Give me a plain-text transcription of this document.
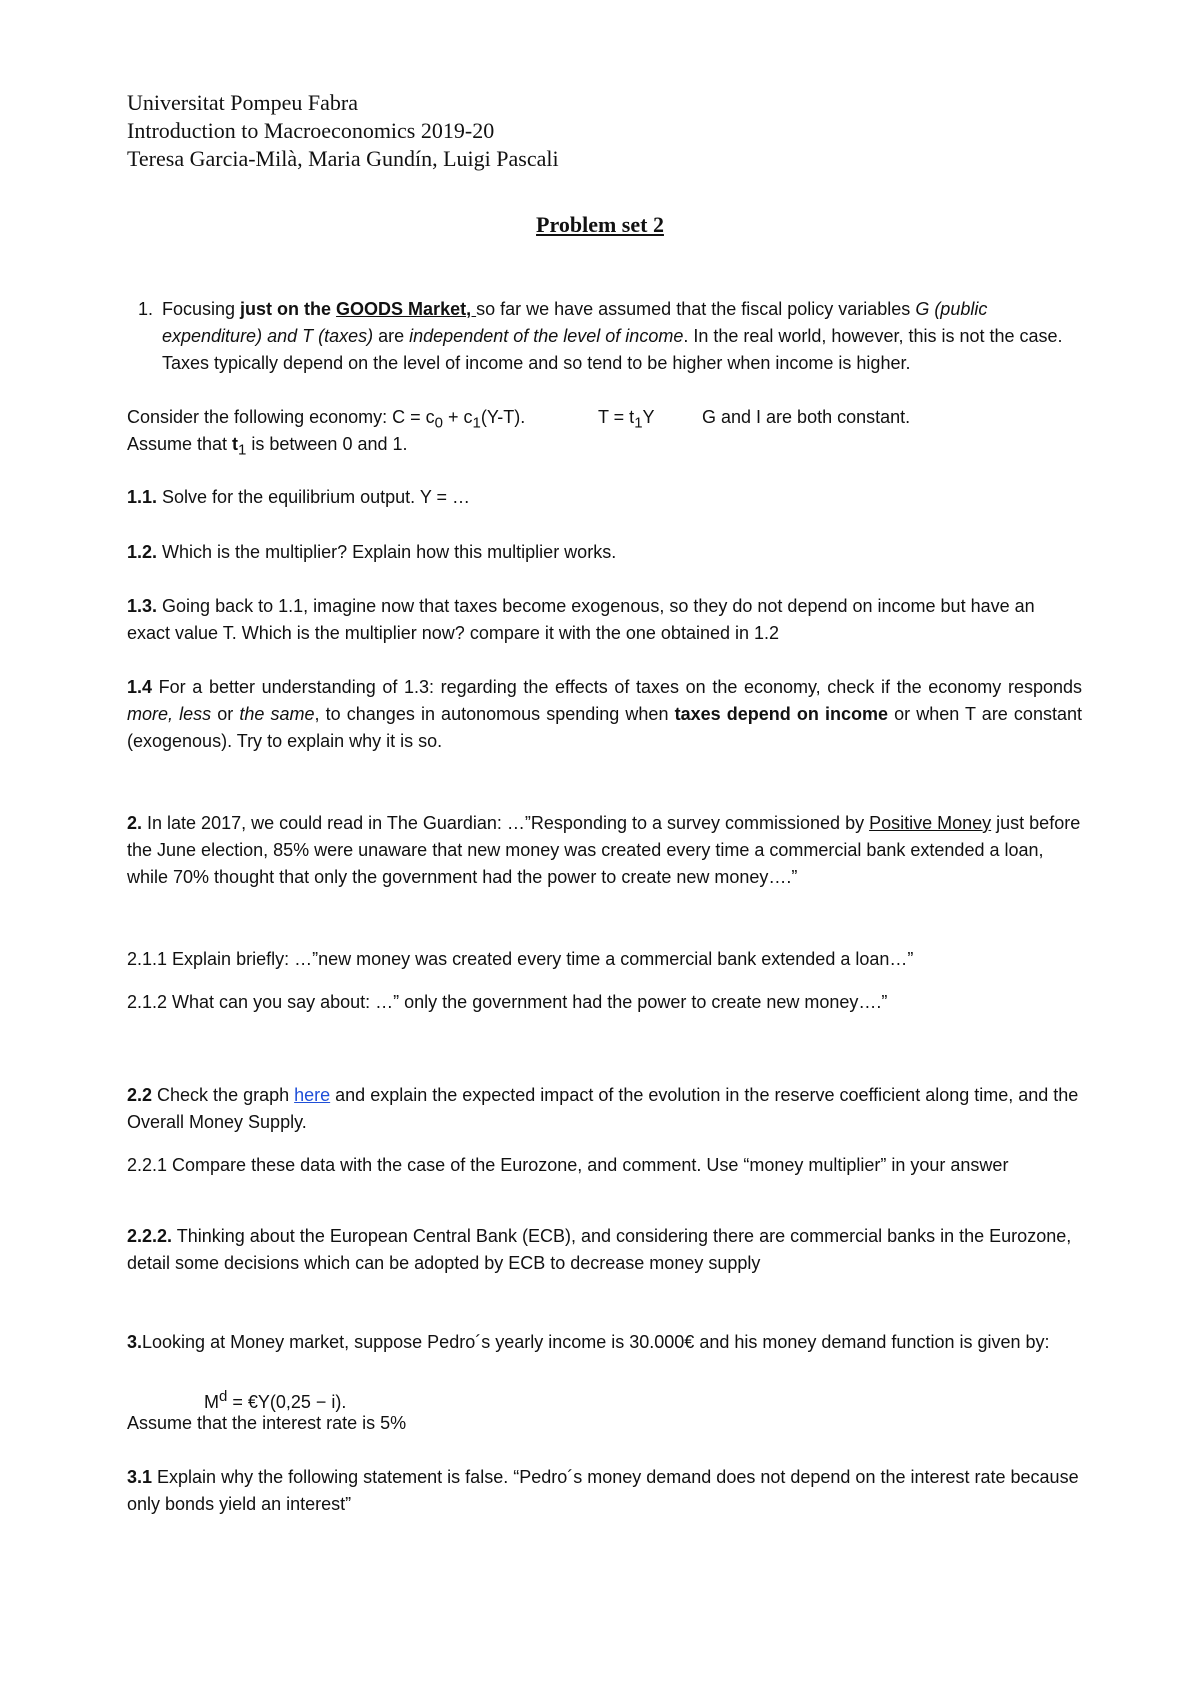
Universitat Pompeu Fabra
Introduction to Macroeconomics 2019-20
Teresa Garcia-Milà, Maria Gundín, Luigi Pascali
Problem set 2
1. Focusing just on the GOODS Market, so far we have assumed that the fiscal policy variables G (public expenditure) and T (taxes) are independent of the level of income. In the real world, however, this is not the case. Taxes typically depend on the level of income and so tend to be higher when income is higher.
Consider the following economy: $C = c_0 + c_1(Y-T)$.	$T = t_1Y$	G and I are both constant.
Assume that $t_1$ is between 0 and 1.
1.1. Solve for the equilibrium output. Y = …
1.2. Which is the multiplier? Explain how this multiplier works.
1.3. Going back to 1.1, imagine now that taxes become exogenous, so they do not depend on income but have an exact value T. Which is the multiplier now? compare it with the one obtained in 1.2
1.4 For a better understanding of 1.3: regarding the effects of taxes on the economy, check if the economy responds more, less or the same, to changes in autonomous spending when taxes depend on income or when T are constant (exogenous). Try to explain why it is so.
2. In late 2017, we could read in The Guardian: …”Responding to a survey commissioned by Positive Money just before the June election, 85% were unaware that new money was created every time a commercial bank extended a loan, while 70% thought that only the government had the power to create new money….”
2.1.1 Explain briefly: …”new money was created every time a commercial bank extended a loan…”
2.1.2 What can you say about: …” only the government had the power to create new money….”
2.2 Check the graph here and explain the expected impact of the evolution in the reserve coefficient along time, and the Overall Money Supply.
2.2.1 Compare these data with the case of the Eurozone, and comment. Use “money multiplier” in your answer
2.2.2. Thinking about the European Central Bank (ECB), and considering there are commercial banks in the Eurozone, detail some decisions which can be adopted by ECB to decrease money supply
3.Looking at Money market, suppose Pedro´s yearly income is 30.000€ and his money demand function is given by:
$M^d$ = €Y(0,25 − i).
Assume that the interest rate is 5%
3.1 Explain why the following statement is false. “Pedro´s money demand does not depend on the interest rate because only bonds yield an interest”
